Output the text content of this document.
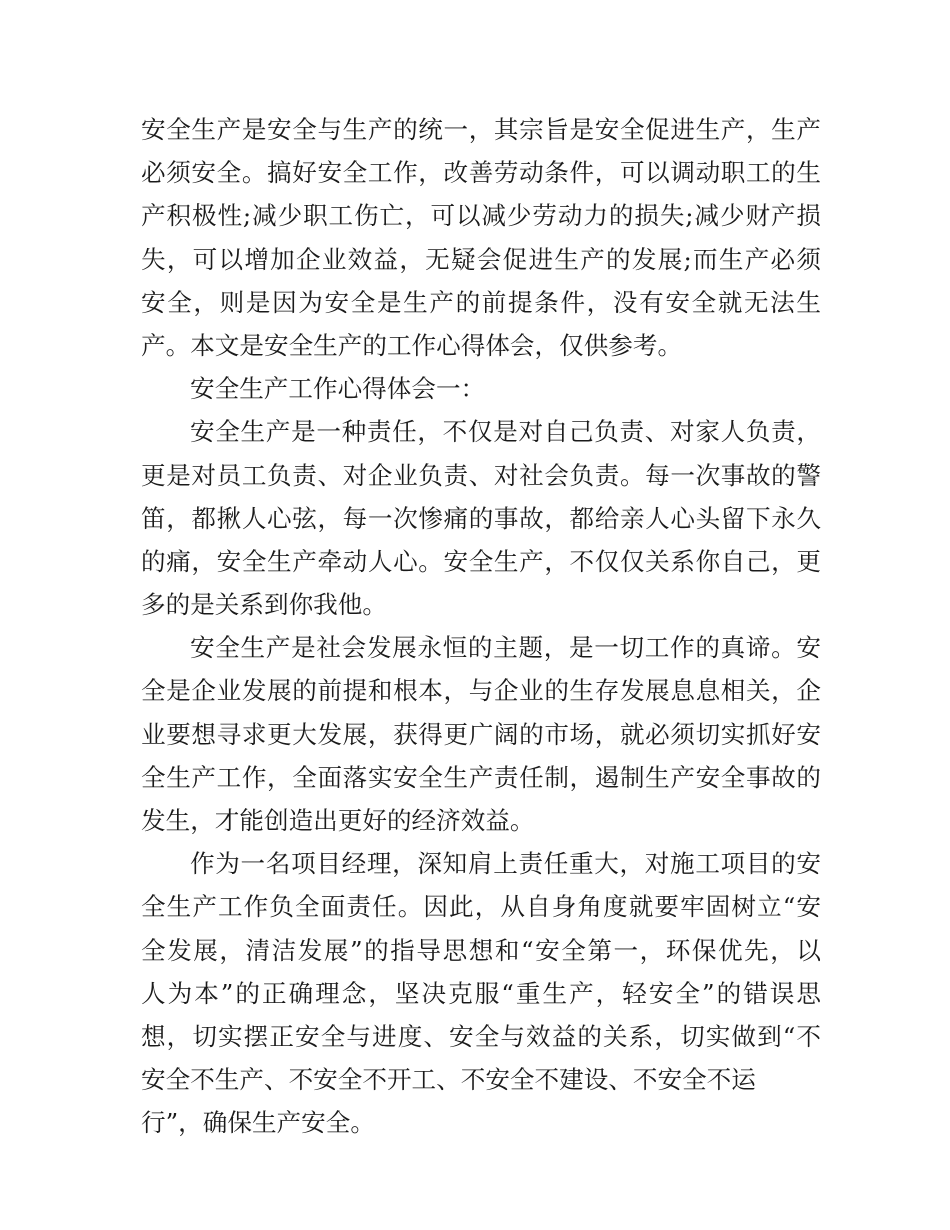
安全生产是安全与生产的统一，其宗旨是安全促进生产，生产
必须安全。搞好安全工作，改善劳动条件，可以调动职工的生
产积极性;减少职工伤亡，可以减少劳动力的损失;减少财产损
失，可以增加企业效益，无疑会促进生产的发展;而生产必须
安全，则是因为安全是生产的前提条件，没有安全就无法生
产。本文是安全生产的工作心得体会，仅供参考。
安全生产工作心得体会一：
安全生产是一种责任，不仅是对自己负责、对家人负责，
更是对员工负责、对企业负责、对社会负责。每一次事故的警
笛，都揪人心弦，每一次惨痛的事故，都给亲人心头留下永久
的痛，安全生产牵动人心。安全生产，不仅仅关系你自己，更
多的是关系到你我他。
安全生产是社会发展永恒的主题，是一切工作的真谛。安
全是企业发展的前提和根本，与企业的生存发展息息相关，企
业要想寻求更大发展，获得更广阔的市场，就必须切实抓好安
全生产工作，全面落实安全生产责任制，遏制生产安全事故的
发生，才能创造出更好的经济效益。
作为一名项目经理，深知肩上责任重大，对施工项目的安
全生产工作负全面责任。因此，从自身角度就要牢固树立“安
全发展，清洁发展”的指导思想和“安全第一，环保优先，以
人为本”的正确理念，坚决克服“重生产，轻安全”的错误思
想，切实摆正安全与进度、安全与效益的关系，切实做到“不
安全不生产、不安全不开工、不安全不建设、不安全不运
行”，确保生产安全。
